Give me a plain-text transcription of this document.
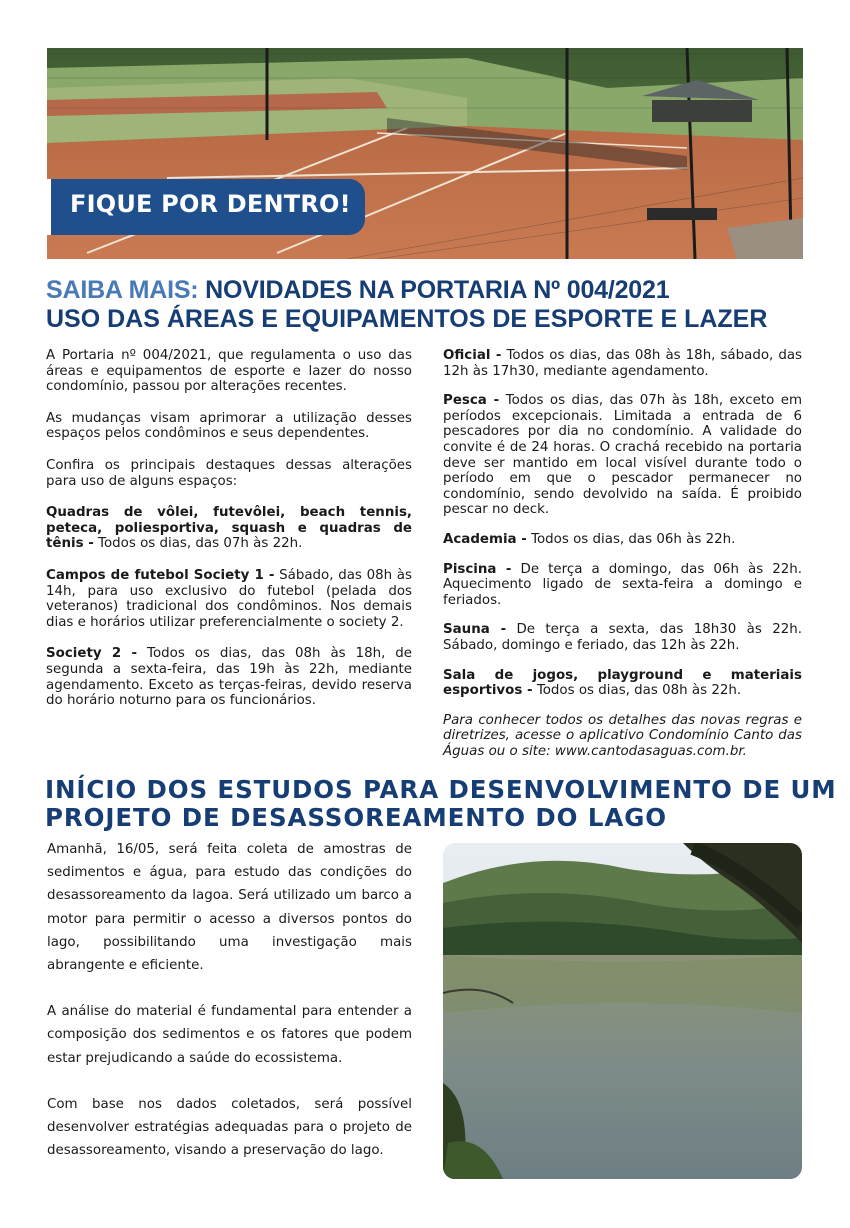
FIQUE POR DENTRO!
SAIBA MAIS: NOVIDADES NA PORTARIA Nº 004/2021
USO DAS ÁREAS E EQUIPAMENTOS DE ESPORTE E LAZER

A Portaria nº 004/2021, que regulamenta o uso das áreas e equipamentos de esporte e lazer do nosso condomínio, passou por alterações recentes.

As mudanças visam aprimorar a utilização desses espaços pelos condôminos e seus dependentes.

Confira os principais destaques dessas alterações para uso de alguns espaços:

Quadras de vôlei, futevôlei, beach tennis, peteca, poliesportiva, squash e quadras de tênis - Todos os dias, das 07h às 22h.

Campos de futebol Society 1 - Sábado, das 08h às 14h, para uso exclusivo do futebol (pelada dos veteranos) tradicional dos condôminos. Nos demais dias e horários utilizar preferencialmente o society 2.

Society 2 - Todos os dias, das 08h às 18h, de segunda a sexta-feira, das 19h às 22h, mediante agendamento. Exceto as terças-feiras, devido reserva do horário noturno para os funcionários.

Oficial - Todos os dias, das 08h às 18h, sábado, das 12h às 17h30, mediante agendamento.

Pesca - Todos os dias, das 07h às 18h, exceto em períodos excepcionais. Limitada a entrada de 6 pescadores por dia no condomínio. A validade do convite é de 24 horas. O crachá recebido na portaria deve ser mantido em local visível durante todo o período em que o pescador permanecer no condomínio, sendo devolvido na saída. É proibido pescar no deck.

Academia - Todos os dias, das 06h às 22h.

Piscina - De terça a domingo, das 06h às 22h. Aquecimento ligado de sexta-feira a domingo e feriados.

Sauna - De terça a sexta, das 18h30 às 22h. Sábado, domingo e feriado, das 12h às 22h.

Sala de jogos, playground e materiais esportivos - Todos os dias, das 08h às 22h.

Para conhecer todos os detalhes das novas regras e diretrizes, acesse o aplicativo Condomínio Canto das Águas ou o site: www.cantodasaguas.com.br.

INÍCIO DOS ESTUDOS PARA DESENVOLVIMENTO DE UM
PROJETO DE DESASSOREAMENTO DO LAGO

Amanhã, 16/05, será feita coleta de amostras de sedimentos e água, para estudo das condições do desassoreamento da lagoa. Será utilizado um barco a motor para permitir o acesso a diversos pontos do lago, possibilitando uma investigação mais abrangente e eficiente.

A análise do material é fundamental para entender a composição dos sedimentos e os fatores que podem estar prejudicando a saúde do ecossistema.

Com base nos dados coletados, será possível desenvolver estratégias adequadas para o projeto de desassoreamento, visando a preservação do lago.
